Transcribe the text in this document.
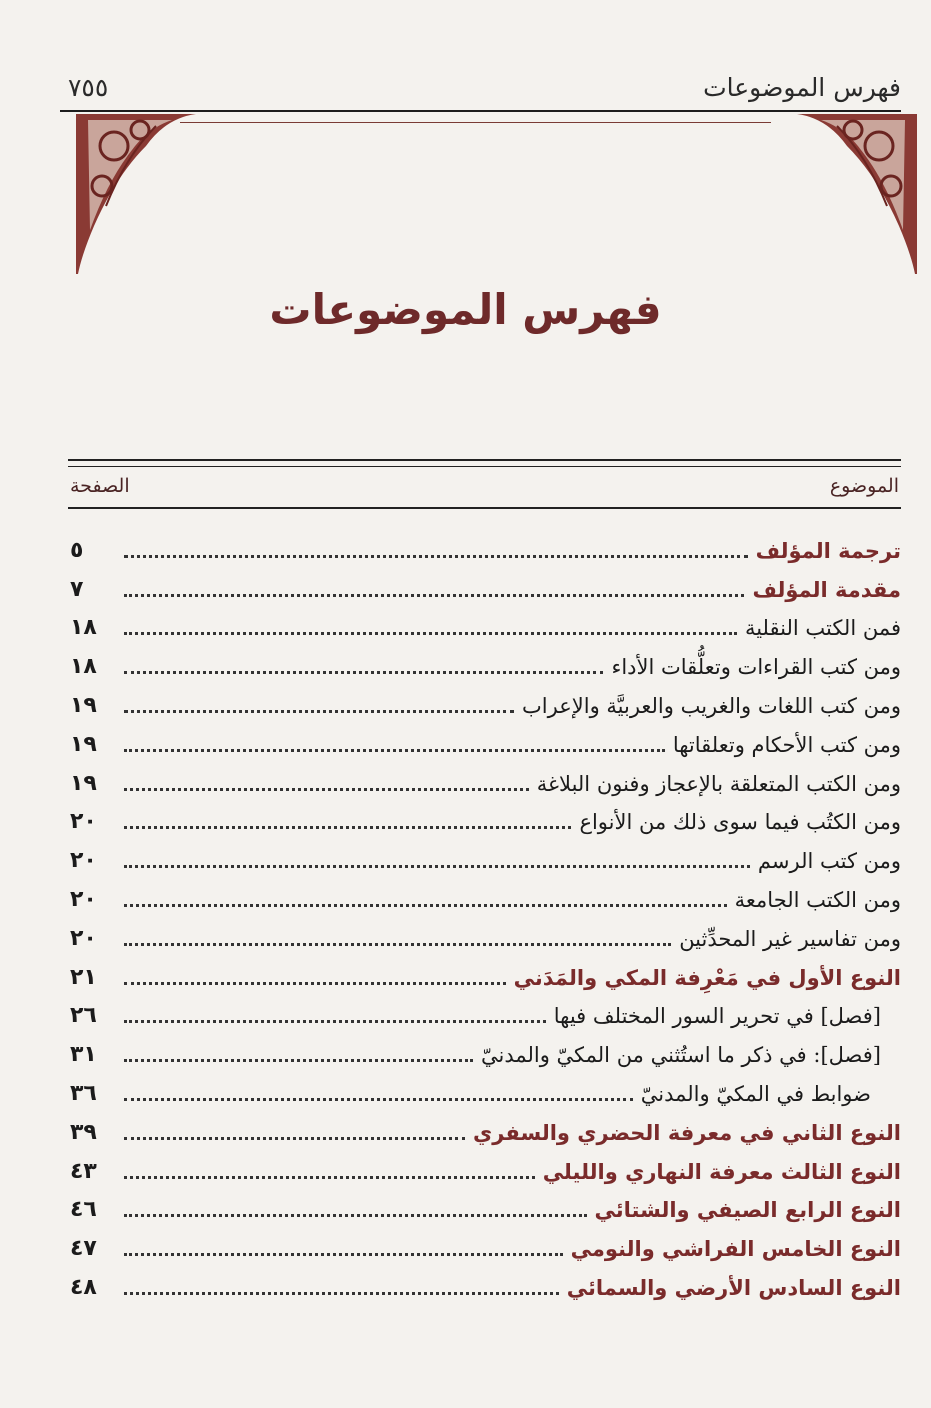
فهرس الموضوعات
٧٥٥
فهرس الموضوعات
الموضوع
الصفحة
ترجمة المؤلف
٥
مقدمة المؤلف
٧
فمن الكتب النقلية
١٨
ومن كتب القراءات وتعلُّقات الأداء
١٨
ومن كتب اللغات والغريب والعربيَّة والإعراب
١٩
ومن كتب الأحكام وتعلقاتها
١٩
ومن الكتب المتعلقة بالإعجاز وفنون البلاغة
١٩
ومن الكتُب فيما سوى ذلك من الأنواع
٢٠
ومن كتب الرسم
٢٠
ومن الكتب الجامعة
٢٠
ومن تفاسير غير المحدِّثين
٢٠
النوع الأول في مَعْرِفة المكي والمَدَني
٢١
[فصل] في تحرير السور المختلف فيها
٢٦
[فصل]: في ذكر ما استُثني من المكيّ والمدنيّ
٣١
ضوابط في المكيّ والمدنيّ
٣٦
النوع الثاني في معرفة الحضري والسفري
٣٩
النوع الثالث معرفة النهاري والليلي
٤٣
النوع الرابع الصيفي والشتائي
٤٦
النوع الخامس الفراشي والنومي
٤٧
النوع السادس الأرضي والسمائي
٤٨
